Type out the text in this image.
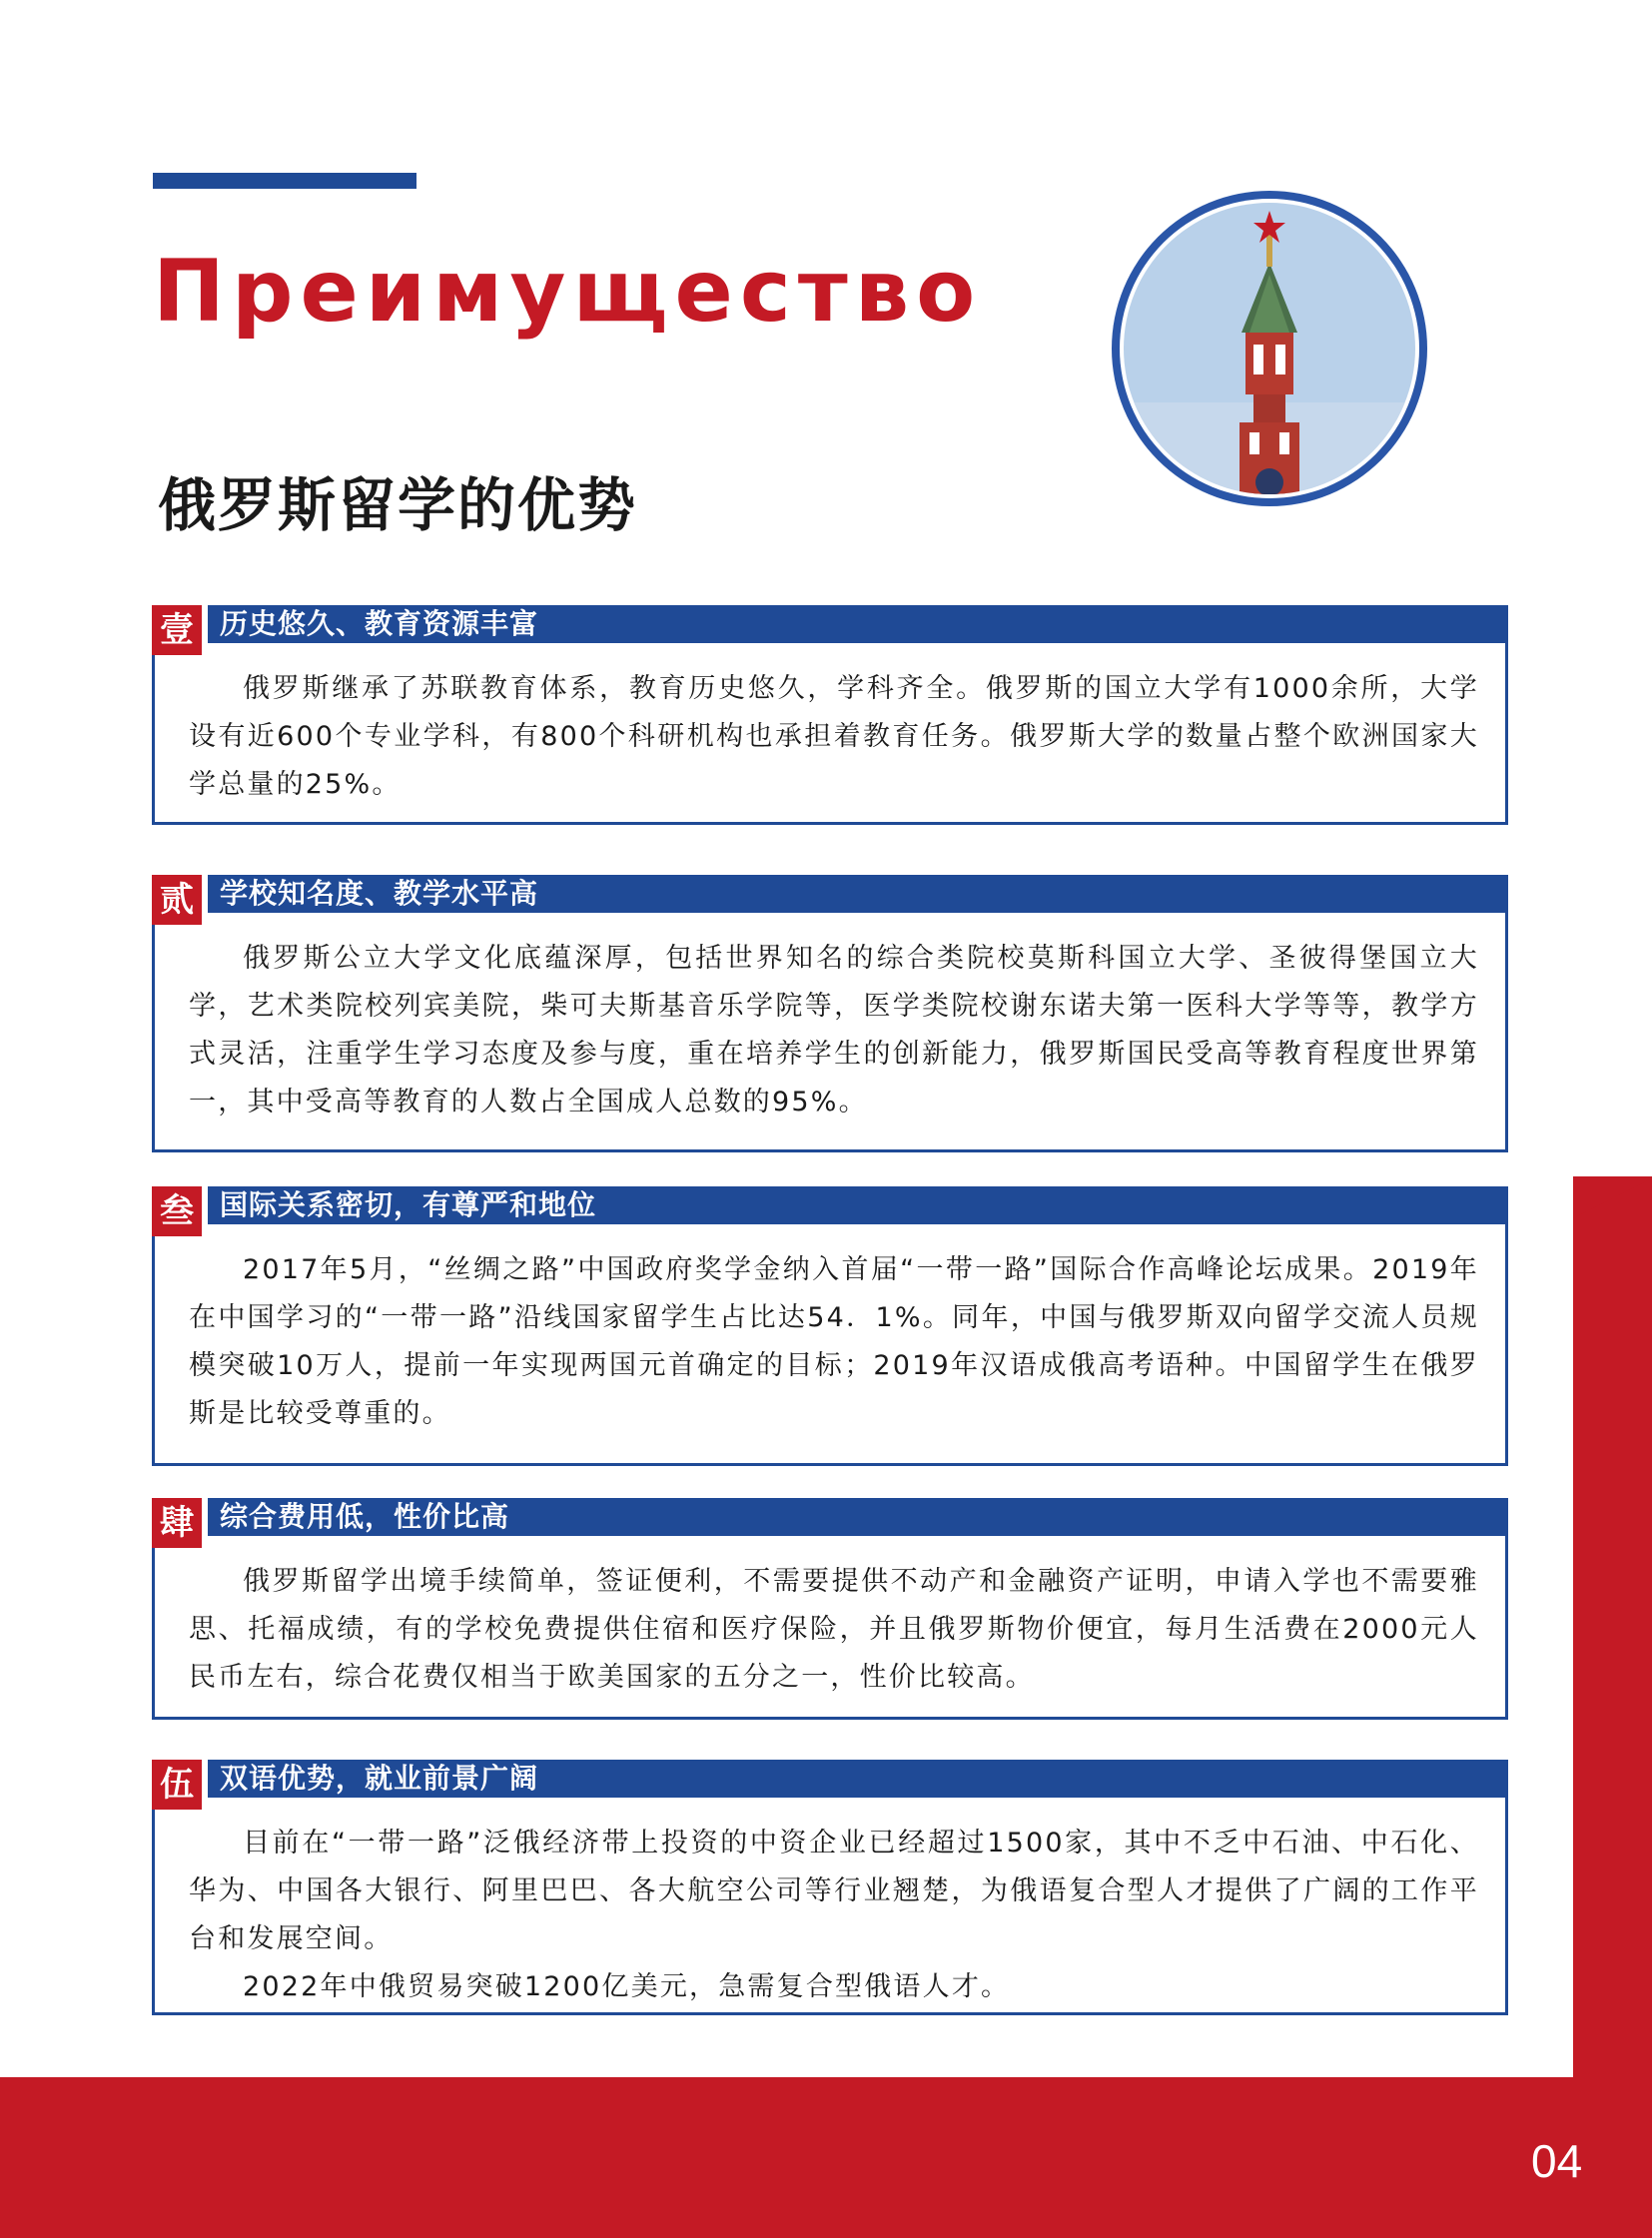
Преимущество
俄罗斯留学的优势
04
壹 历史悠久、教育资源丰富

俄罗斯继承了苏联教育体系，教育历史悠久，学科齐全。俄罗斯的国立大学有1000余所，大学设有近600个专业学科，有800个科研机构也承担着教育任务。俄罗斯大学的数量占整个欧洲国家大学总量的25%。

贰 学校知名度、教学水平高

俄罗斯公立大学文化底蕴深厚，包括世界知名的综合类院校莫斯科国立大学、圣彼得堡国立大学，艺术类院校列宾美院，柴可夫斯基音乐学院等，医学类院校谢东诺夫第一医科大学等等，教学方式灵活，注重学生学习态度及参与度，重在培养学生的创新能力，俄罗斯国民受高等教育程度世界第一，其中受高等教育的人数占全国成人总数的95%。

叁 国际关系密切，有尊严和地位

2017年5月，“丝绸之路”中国政府奖学金纳入首届“一带一路”国际合作高峰论坛成果。2019年在中国学习的“一带一路”沿线国家留学生占比达54．1%。同年，中国与俄罗斯双向留学交流人员规模突破10万人，提前一年实现两国元首确定的目标；2019年汉语成俄高考语种。中国留学生在俄罗斯是比较受尊重的。

肆 综合费用低，性价比高

俄罗斯留学出境手续简单，签证便利，不需要提供不动产和金融资产证明，申请入学也不需要雅思、托福成绩，有的学校免费提供住宿和医疗保险，并且俄罗斯物价便宜，每月生活费在2000元人民币左右，综合花费仅相当于欧美国家的五分之一，性价比较高。

伍 双语优势，就业前景广阔

目前在“一带一路”泛俄经济带上投资的中资企业已经超过1500家，其中不乏中石油、中石化、华为、中国各大银行、阿里巴巴、各大航空公司等行业翘楚，为俄语复合型人才提供了广阔的工作平台和发展空间。

2022年中俄贸易突破1200亿美元，急需复合型俄语人才。
